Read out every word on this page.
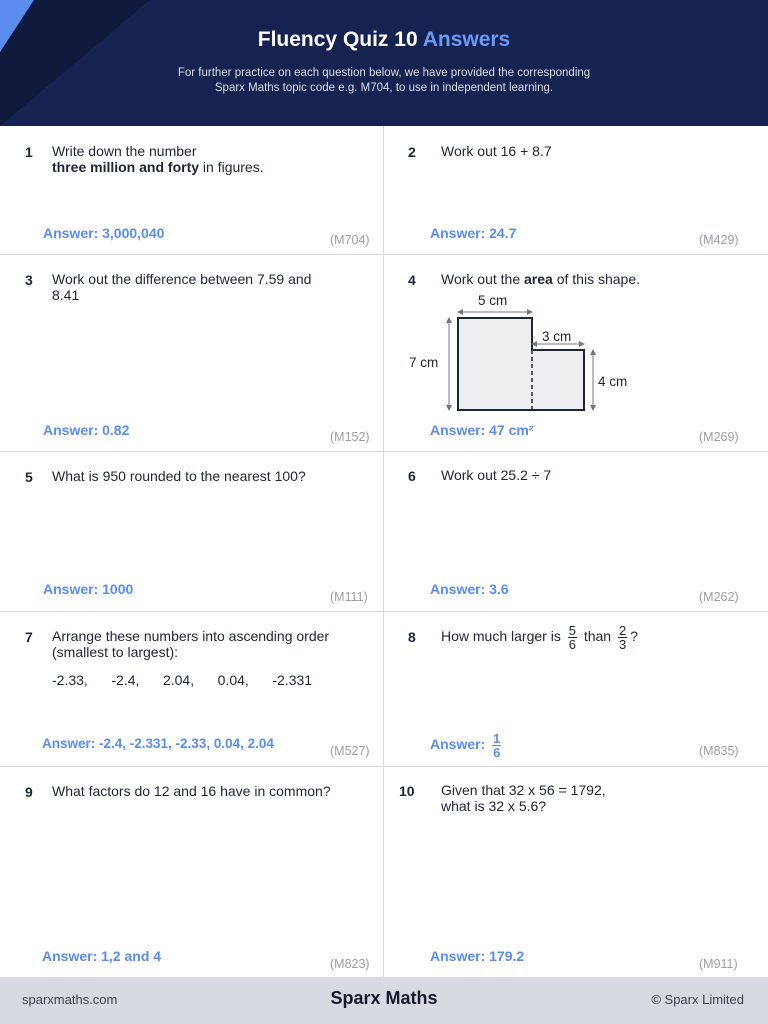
Fluency Quiz 10 Answers

For further practice on each question below, we have provided the corresponding
Sparx Maths topic code e.g. M704, to use in independent learning.

1 Write down the number
three million and forty in figures.
Answer: 3,000,040	(M704)
2 Work out 16 + 8.7
Answer: 24.7	(M429)
3 Work out the difference between 7.59 and
8.41
Answer: 0.82	(M152)
4 Work out the area of this shape.
5 cm
7 cm
3 cm
4 cm
Answer: 47 cm²	(M269)
5 What is 950 rounded to the nearest 100?
Answer: 1000	(M111)
6 Work out 25.2 ÷ 7
Answer: 3.6	(M262)
7 Arrange these numbers into ascending order
(smallest to largest):
-2.33, -2.4, 2.04, 0.04, -2.331
Answer: -2.4, -2.331, -2.33, 0.04, 2.04	(M527)
8 How much larger is $\frac{5}{6}$ than $\frac{2}{3}$ ?
Answer: $\frac{1}{6}$	(M835)
9 What factors do 12 and 16 have in common?
Answer: 1,2 and 4	(M823)
10 Given that 32 x 56 = 1792,
what is 32 x 5.6?
Answer: 179.2	(M911)
sparxmaths.com	Sparx Maths	© Sparx Limited
